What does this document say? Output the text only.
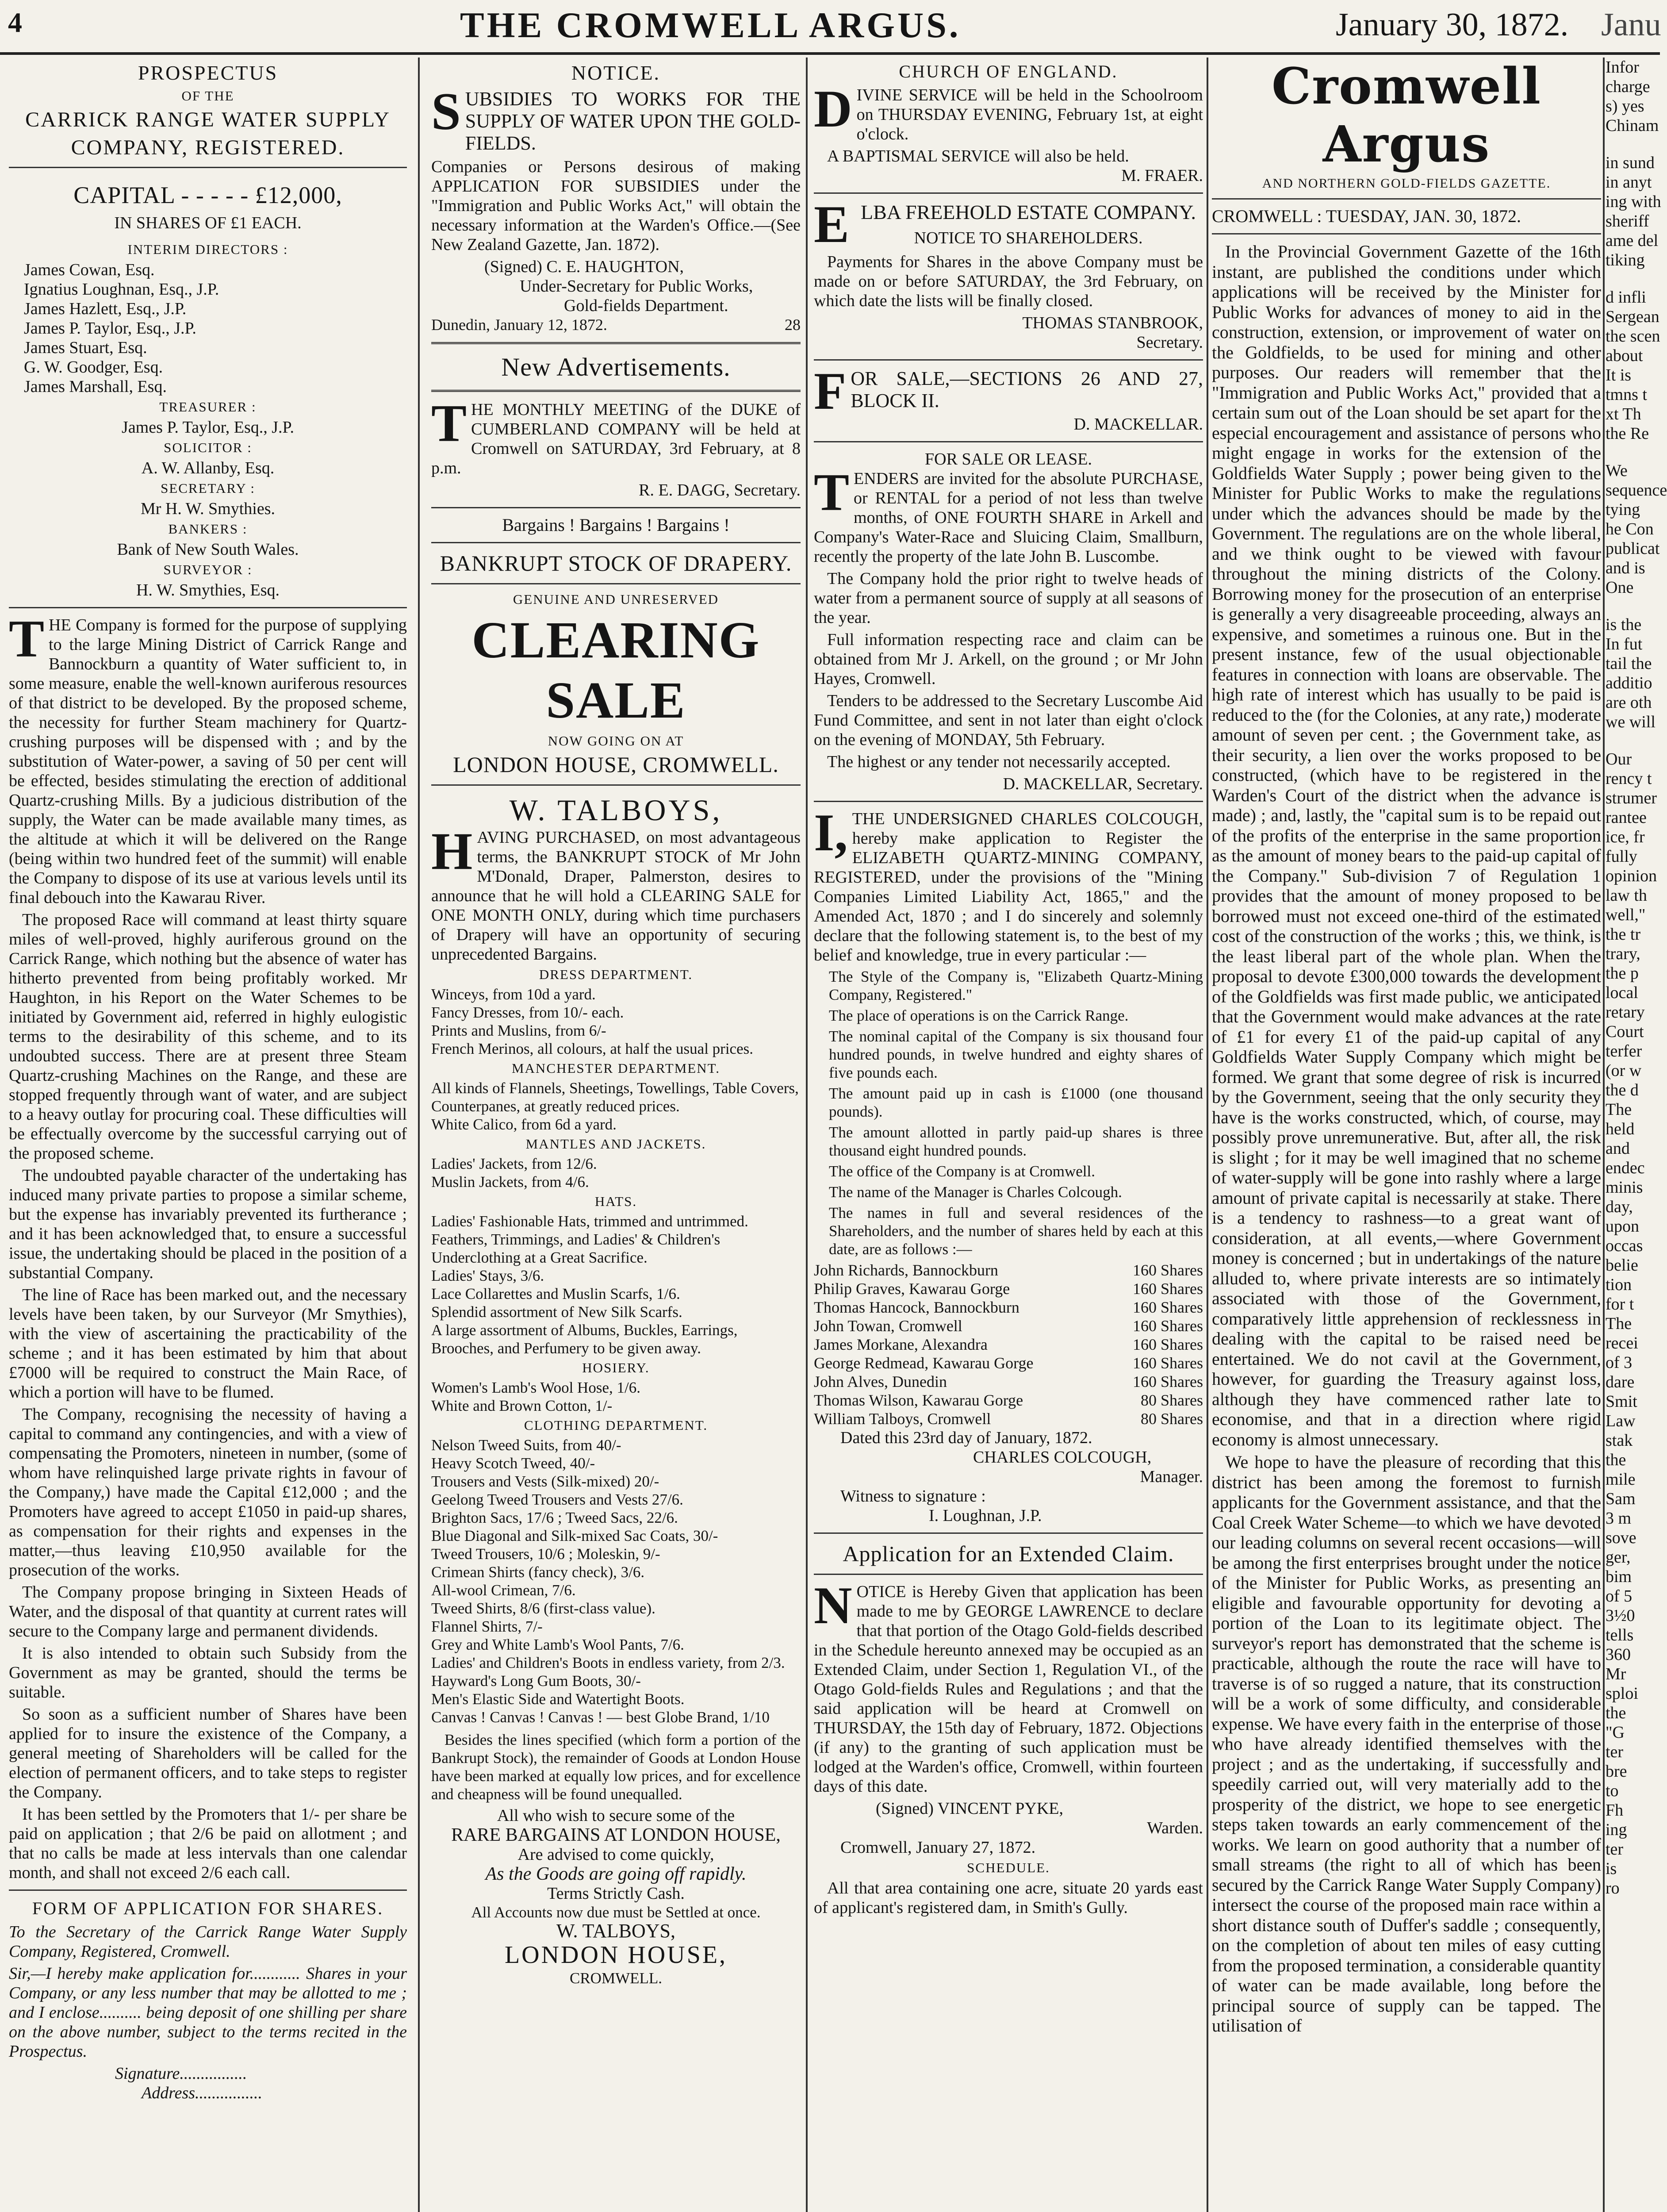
4	THE CROMWELL ARGUS.	January 30, 1872. Janu
PROSPECTUS
OF THE
CARRICK RANGE WATER SUPPLY
COMPANY, REGISTERED.
CAPITAL - - - - - £12,000,
IN SHARES OF £1 EACH.
INTERIM DIRECTORS :
James Cowan, Esq.
Ignatius Loughnan, Esq., J.P.
James Hazlett, Esq., J.P.
James P. Taylor, Esq., J.P.
James Stuart, Esq.
G. W. Goodger, Esq.
James Marshall, Esq.
TREASURER :
James P. Taylor, Esq., J.P.
SOLICITOR :
A. W. Allanby, Esq.
SECRETARY :
Mr H. W. Smythies.
BANKERS :
Bank of New South Wales.
SURVEYOR :
H. W. Smythies, Esq.

THE Company is formed for the purpose of supplying to the large Mining District of Carrick Range and Bannockburn a quantity of Water sufficient to, in some measure, enable the well-known auriferous resources of that district to be developed. By the proposed scheme, the necessity for further Steam machinery for Quartz-crushing purposes will be dispensed with ; and by the substitution of Water-power, a saving of 50 per cent will be effected, besides stimulating the erection of additional Quartz-crushing Mills. By a judicious distribution of the supply, the Water can be made available many times, as the altitude at which it will be delivered on the Range (being within two hundred feet of the summit) will enable the Company to dispose of its use at various levels until its final debouch into the Kawarau River.

The proposed Race will command at least thirty square miles of well-proved, highly auriferous ground on the Carrick Range, which nothing but the absence of water has hitherto prevented from being profitably worked. Mr Haughton, in his Report on the Water Schemes to be initiated by Government aid, referred in highly eulogistic terms to the desirability of this scheme, and to its undoubted success. There are at present three Steam Quartz-crushing Machines on the Range, and these are stopped frequently through want of water, and are subject to a heavy outlay for procuring coal. These difficulties will be effectually overcome by the successful carrying out of the proposed scheme.

The undoubted payable character of the undertaking has induced many private parties to propose a similar scheme, but the expense has invariably prevented its furtherance ; and it has been acknowledged that, to ensure a successful issue, the undertaking should be placed in the position of a substantial Company.

The line of Race has been marked out, and the necessary levels have been taken, by our Surveyor (Mr Smythies), with the view of ascertaining the practicability of the scheme ; and it has been estimated by him that about £7000 will be required to construct the Main Race, of which a portion will have to be flumed.

The Company, recognising the necessity of having a capital to command any contingencies, and with a view of compensating the Promoters, nineteen in number, (some of whom have relinquished large private rights in favour of the Company,) have made the Capital £12,000 ; and the Promoters have agreed to accept £1050 in paid-up shares, as compensation for their rights and expenses in the matter,—thus leaving £10,950 available for the prosecution of the works.

The Company propose bringing in Sixteen Heads of Water, and the disposal of that quantity at current rates will secure to the Company large and permanent dividends.

It is also intended to obtain such Subsidy from the Government as may be granted, should the terms be suitable.

So soon as a sufficient number of Shares have been applied for to insure the existence of the Company, a general meeting of Shareholders will be called for the election of permanent officers, and to take steps to register the Company.

It has been settled by the Promoters that 1/- per share be paid on application ; that 2/6 be paid on allotment ; and that no calls be made at less intervals than one calendar month, and shall not exceed 2/6 each call.

FORM OF APPLICATION FOR SHARES.

To the Secretary of the Carrick Range Water Supply Company, Registered, Cromwell.

Sir,—I hereby make application for............ Shares in your Company, or any less number that may be allotted to me ; and I enclose.......... being deposit of one shilling per share on the above number, subject to the terms recited in the Prospectus.

Signature................
Address................
NOTICE.

SUBSIDIES TO WORKS FOR THE SUPPLY OF WATER UPON THE GOLD-FIELDS.

Companies or Persons desirous of making APPLICATION FOR SUBSIDIES under the "Immigration and Public Works Act," will obtain the necessary information at the Warden's Office.—(See New Zealand Gazette, Jan. 1872).

(Signed) C. E. HAUGHTON,
Under-Secretary for Public Works,
Gold-fields Department.
Dunedin, January 12, 1872.	28
New Advertisements.

THE MONTHLY MEETING of the DUKE of CUMBERLAND COMPANY will be held at Cromwell on SATURDAY, 3rd February, at 8 p.m.

R. E. DAGG, Secretary.
Bargains ! Bargains ! Bargains !
BANKRUPT STOCK OF DRAPERY.
GENUINE AND UNRESERVED
CLEARING SALE
NOW GOING ON AT
LONDON HOUSE, CROMWELL.
W. TALBOYS,

HAVING PURCHASED, on most advantageous terms, the BANKRUPT STOCK of Mr John M'Donald, Draper, Palmerston, desires to announce that he will hold a CLEARING SALE for ONE MONTH ONLY, during which time purchasers of Drapery will have an opportunity of securing unprecedented Bargains.

DRESS DEPARTMENT.
Winceys, from 10d a yard.
Fancy Dresses, from 10/- each.
Prints and Muslins, from 6/-
French Merinos, all colours, at half the usual prices.
MANCHESTER DEPARTMENT.
All kinds of Flannels, Sheetings, Towellings, Table Covers, Counterpanes, at greatly reduced prices.
White Calico, from 6d a yard.
MANTLES AND JACKETS.
Ladies' Jackets, from 12/6.
Muslin Jackets, from 4/6.
HATS.
Ladies' Fashionable Hats, trimmed and untrimmed.
Feathers, Trimmings, and Ladies' & Children's Underclothing at a Great Sacrifice.
Ladies' Stays, 3/6.
Lace Collarettes and Muslin Scarfs, 1/6.
Splendid assortment of New Silk Scarfs.
A large assortment of Albums, Buckles, Earrings, Brooches, and Perfumery to be given away.
HOSIERY.
Women's Lamb's Wool Hose, 1/6.
White and Brown Cotton, 1/-
CLOTHING DEPARTMENT.
Nelson Tweed Suits, from 40/-
Heavy Scotch Tweed, 40/-
Trousers and Vests (Silk-mixed) 20/-
Geelong Tweed Trousers and Vests 27/6.
Brighton Sacs, 17/6 ; Tweed Sacs, 22/6.
Blue Diagonal and Silk-mixed Sac Coats, 30/-
Tweed Trousers, 10/6 ; Moleskin, 9/-
Crimean Shirts (fancy check), 3/6.
All-wool Crimean, 7/6.
Tweed Shirts, 8/6 (first-class value).
Flannel Shirts, 7/-
Grey and White Lamb's Wool Pants, 7/6.
Ladies' and Children's Boots in endless variety, from 2/3.
Hayward's Long Gum Boots, 30/-
Men's Elastic Side and Watertight Boots.
Canvas ! Canvas ! Canvas ! — best Globe Brand, 1/10

Besides the lines specified (which form a portion of the Bankrupt Stock), the remainder of Goods at London House have been marked at equally low prices, and for excellence and cheapness will be found unequalled.

All who wish to secure some of the
RARE BARGAINS AT LONDON HOUSE,
Are advised to come quickly,
As the Goods are going off rapidly.
Terms Strictly Cash.
All Accounts now due must be Settled at once.
W. TALBOYS,
LONDON HOUSE,
CROMWELL.
CHURCH OF ENGLAND.

DIVINE SERVICE will be held in the Schoolroom on THURSDAY EVENING, February 1st, at eight o'clock.

A BAPTISMAL SERVICE will also be held.
M. FRAER.

ELBA FREEHOLD ESTATE COMPANY.

NOTICE TO SHAREHOLDERS.

Payments for Shares in the above Company must be made on or before SATURDAY, the 3rd February, on which date the lists will be finally closed.

THOMAS STANBROOK,
Secretary.

FOR SALE,—SECTIONS 26 AND 27, BLOCK II.

D. MACKELLAR.
FOR SALE OR LEASE.

TENDERS are invited for the absolute PURCHASE, or RENTAL for a period of not less than twelve months, of ONE FOURTH SHARE in Arkell and Company's Water-Race and Sluicing Claim, Smallburn, recently the property of the late John B. Luscombe.

The Company hold the prior right to twelve heads of water from a permanent source of supply at all seasons of the year.

Full information respecting race and claim can be obtained from Mr J. Arkell, on the ground ; or Mr John Hayes, Cromwell.

Tenders to be addressed to the Secretary Luscombe Aid Fund Committee, and sent in not later than eight o'clock on the evening of MONDAY, 5th February.

The highest or any tender not necessarily accepted.

D. MACKELLAR, Secretary.

I,THE UNDERSIGNED CHARLES COLCOUGH, hereby make application to Register the ELIZABETH QUARTZ-MINING COMPANY, REGISTERED, under the provisions of the "Mining Companies Limited Liability Act, 1865," and the Amended Act, 1870 ; and I do sincerely and solemnly declare that the following statement is, to the best of my belief and knowledge, true in every particular :—

The Style of the Company is, "Elizabeth Quartz-Mining Company, Registered."

The place of operations is on the Carrick Range.

The nominal capital of the Company is six thousand four hundred pounds, in twelve hundred and eighty shares of five pounds each.

The amount paid up in cash is £1000 (one thousand pounds).

The amount allotted in partly paid-up shares is three thousand eight hundred pounds.

The office of the Company is at Cromwell.

The name of the Manager is Charles Colcough.

The names in full and several residences of the Shareholders, and the number of shares held by each at this date, are as follows :—

John Richards, Bannockburn	160 Shares
Philip Graves, Kawarau Gorge	160 Shares
Thomas Hancock, Bannockburn	160 Shares
John Towan, Cromwell	160 Shares
James Morkane, Alexandra	160 Shares
George Redmead, Kawarau Gorge	160 Shares
John Alves, Dunedin	160 Shares
Thomas Wilson, Kawarau Gorge	80 Shares
William Talboys, Cromwell	80 Shares
Dated this 23rd day of January, 1872.
CHARLES COLCOUGH,
Manager.
Witness to signature :
I. Loughnan, J.P.
Application for an Extended Claim.

NOTICE is Hereby Given that application has been made to me by GEORGE LAWRENCE to declare that that portion of the Otago Gold-fields described in the Schedule hereunto annexed may be occupied as an Extended Claim, under Section 1, Regulation VI., of the Otago Gold-fields Rules and Regulations ; and that the said application will be heard at Cromwell on THURSDAY, the 15th day of February, 1872. Objections (if any) to the granting of such application must be lodged at the Warden's office, Cromwell, within fourteen days of this date.

(Signed) VINCENT PYKE,
Warden.
Cromwell, January 27, 1872.
SCHEDULE.

All that area containing one acre, situate 20 yards east of applicant's registered dam, in Smith's Gully.

Cromwell Argus
AND NORTHERN GOLD-FIELDS GAZETTE.
CROMWELL : TUESDAY, JAN. 30, 1872.

In the Provincial Government Gazette of the 16th instant, are published the conditions under which applications will be received by the Minister for Public Works for advances of money to aid in the construction, extension, or improvement of water on the Goldfields, to be used for mining and other purposes. Our readers will remember that the "Immigration and Public Works Act," provided that a certain sum out of the Loan should be set apart for the especial encouragement and assistance of persons who might engage in works for the extension of the Goldfields Water Supply ; power being given to the Minister for Public Works to make the regulations under which the advances should be made by the Government. The regulations are on the whole liberal, and we think ought to be viewed with favour throughout the mining districts of the Colony. Borrowing money for the prosecution of an enterprise is generally a very disagreeable proceeding, always an expensive, and sometimes a ruinous one. But in the present instance, few of the usual objectionable features in connection with loans are observable. The high rate of interest which has usually to be paid is reduced to the (for the Colonies, at any rate,) moderate amount of seven per cent. ; the Government take, as their security, a lien over the works proposed to be constructed, (which have to be registered in the Warden's Court of the district when the advance is made) ; and, lastly, the "capital sum is to be repaid out of the profits of the enterprise in the same proportion as the amount of money bears to the paid-up capital of the Company." Sub-division 7 of Regulation 1 provides that the amount of money proposed to be borrowed must not exceed one-third of the estimated cost of the construction of the works ; this, we think, is the least liberal part of the whole plan. When the proposal to devote £300,000 towards the development of the Goldfields was first made public, we anticipated that the Government would make advances at the rate of £1 for every £1 of the paid-up capital of any Goldfields Water Supply Company which might be formed. We grant that some degree of risk is incurred by the Government, seeing that the only security they have is the works constructed, which, of course, may possibly prove unremunerative. But, after all, the risk is slight ; for it may be well imagined that no scheme of water-supply will be gone into rashly where a large amount of private capital is necessarily at stake. There is a tendency to rashness—to a great want of consideration, at all events,—where Government money is concerned ; but in undertakings of the nature alluded to, where private interests are so intimately associated with those of the Government, comparatively little apprehension of recklessness in dealing with the capital to be raised need be entertained. We do not cavil at the Government, however, for guarding the Treasury against loss, although they have commenced rather late to economise, and that in a direction where rigid economy is almost unnecessary.

We hope to have the pleasure of recording that this district has been among the foremost to furnish applicants for the Government assistance, and that the Coal Creek Water Scheme—to which we have devoted our leading columns on several recent occasions—will be among the first enterprises brought under the notice of the Minister for Public Works, as presenting an eligible and favourable opportunity for devoting a portion of the Loan to its legitimate object. The surveyor's report has demonstrated that the scheme is practicable, although the route the race will have to traverse is of so rugged a nature, that its construction will be a work of some difficulty, and considerable expense. We have every faith in the enterprise of those who have already identified themselves with the project ; and as the undertaking, if successfully and speedily carried out, will very materially add to the prosperity of the district, we hope to see energetic steps taken towards an early commencement of the works. We learn on good authority that a number of small streams (the right to all of which has been secured by the Carrick Range Water Supply Company) intersect the course of the proposed main race within a short distance south of Duffer's saddle ; consequently, on the completion of about ten miles of easy cutting from the proposed termination, a considerable quantity of water can be made available, long before the principal source of supply can be tapped. The utilisation of

Infor
charge
s) yes
Chinam
in sund
in anyt
ing with
sheriff
ame del
tiking
d infli
Sergean
the scen
about
It is
tmns t
xt Th
the Re
We
sequence
tying
he Con
publicat
and is
One
is the
In fut
tail the
additio
are oth
we will
Our
rency t
strumer
rantee
ice, fr
fully
opinion
law th
well,"
the tr
trary,
the p
local
retary
Court
terfer
(or w
the d
The
held
and
endec
minis
day,
upon
occas
belie
tion
for t
The
recei
of 3
dare
Smit
Law
stak
the
mile
Sam
3 m
sove
ger,
bim
of 5
3½0
tells
360
Mr
sploi
the
"G
ter
bre
to
Fh
ing
ter
is
ro
